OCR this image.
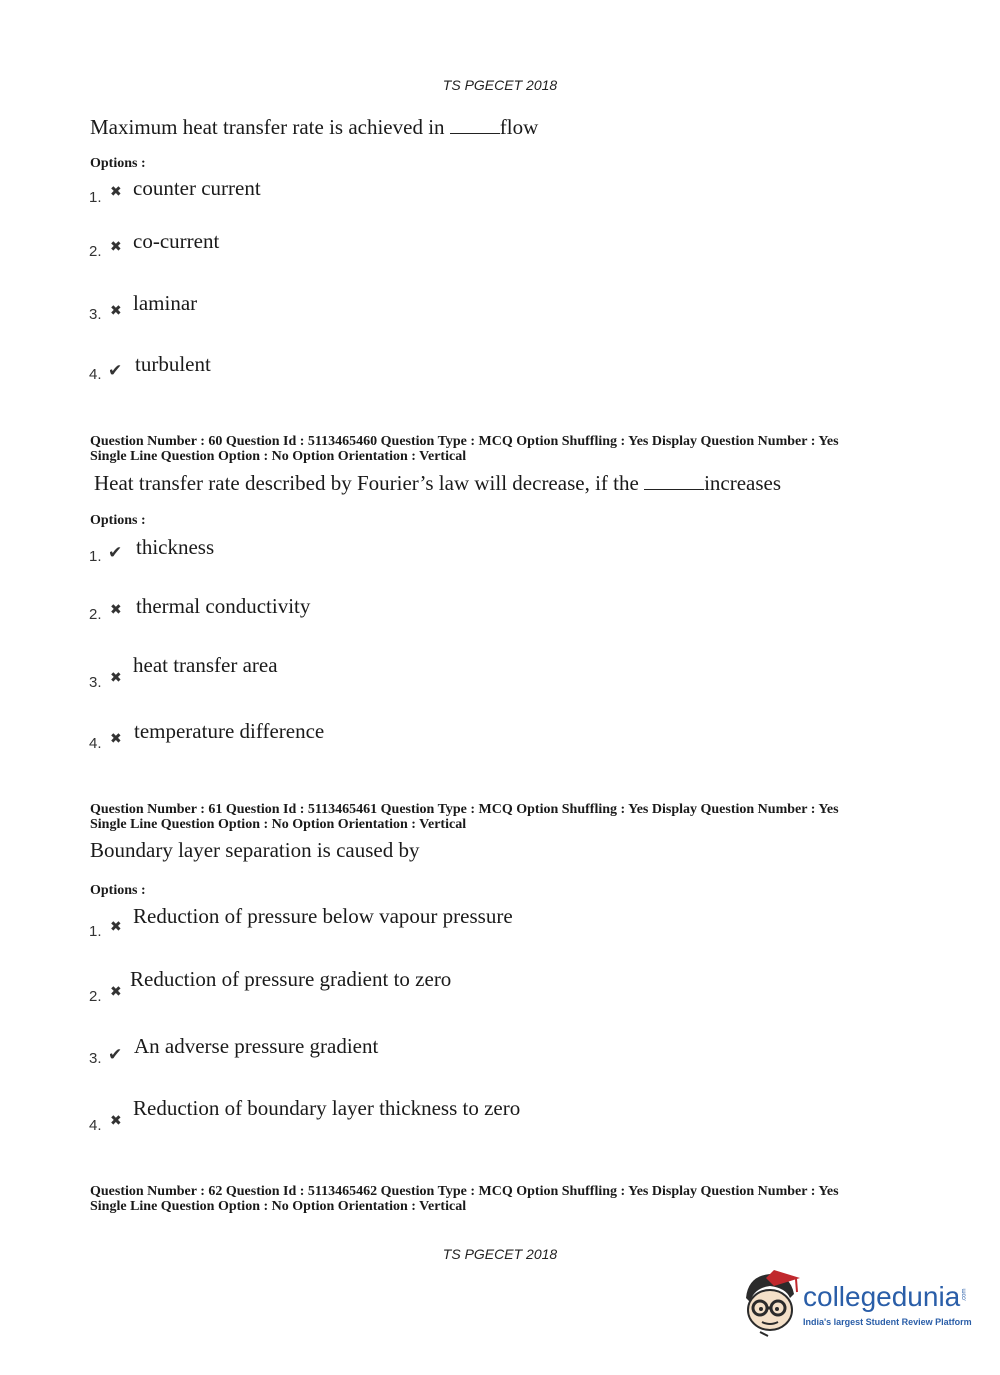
TS PGECET 2018
Maximum heat transfer rate is achieved in flow
Options :
1. ✖ counter current
2. ✖ co-current
3. ✖ laminar
4. ✔ turbulent
Question Number : 60 Question Id : 5113465460 Question Type : MCQ Option Shuffling : Yes Display Question Number : Yes
Single Line Question Option : No Option Orientation : Vertical
Heat transfer rate described by Fourier’s law will decrease, if the	increases
Options :
1. ✔ thickness
2. ✖ thermal conductivity
3. ✖
heat transfer area
4. ✖ temperature difference
Question Number : 61 Question Id : 5113465461 Question Type : MCQ Option Shuffling : Yes Display Question Number : Yes
Single Line Question Option : No Option Orientation : Vertical
Boundary layer separation is caused by
Options :
1. ✖ Reduction of pressure below vapour pressure
2. ✖
Reduction of pressure gradient to zero
3. ✔ An adverse pressure gradient
4. ✖
Reduction of boundary layer thickness to zero
Question Number : 62 Question Id : 5113465462 Question Type : MCQ Option Shuffling : Yes Display Question Number : Yes
Single Line Question Option : No Option Orientation : Vertical
TS PGECET 2018
collegedunia .com
India's largest Student Review Platform
